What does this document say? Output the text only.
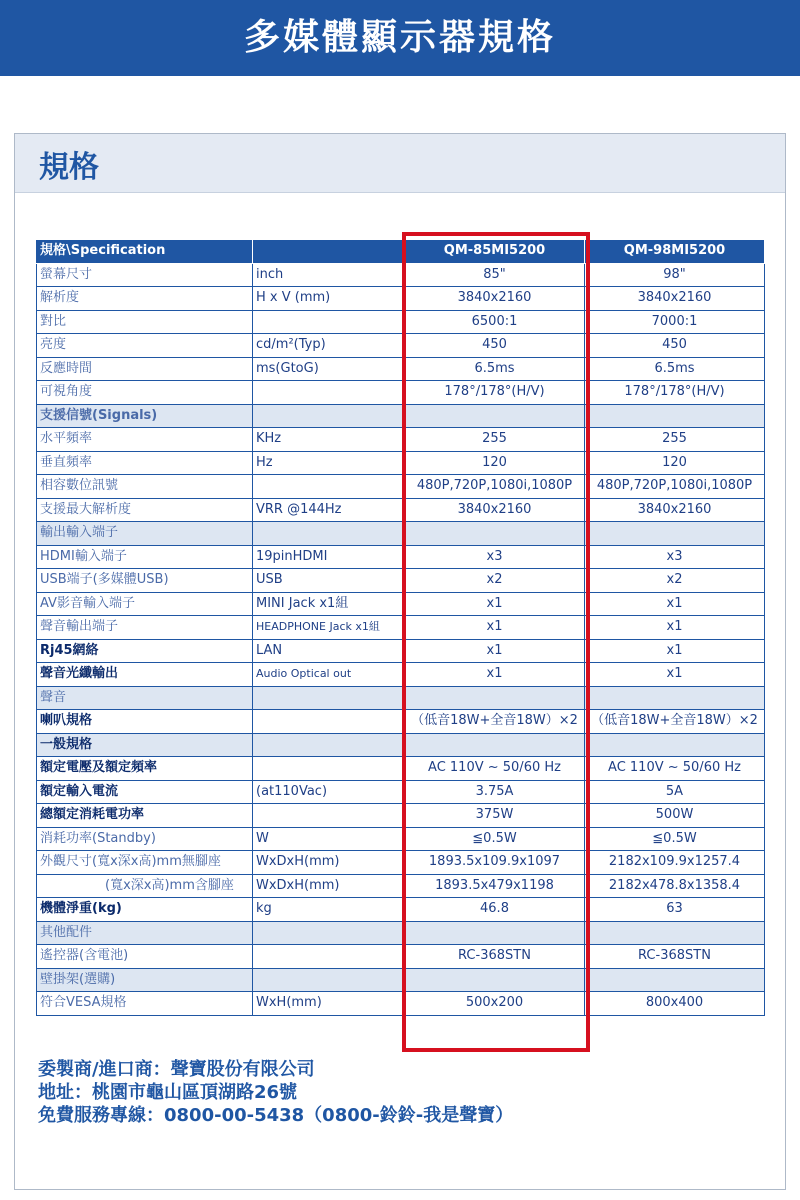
多媒體顯示器規格
規格
規格\Specification		QM-85MI5200	QM-98MI5200
螢幕尺寸	inch	85"	98"
解析度	H x V (mm)	3840x2160	3840x2160
對比		6500:1	7000:1
亮度	cd/m²(Typ)	450	450
反應時間	ms(GtoG)	6.5ms	6.5ms
可視角度		178°/178°(H/V)	178°/178°(H/V)
支援信號(Signals)			
水平頻率	KHz	255	255
垂直頻率	Hz	120	120
相容數位訊號		480P,720P,1080i,1080P	480P,720P,1080i,1080P
支援最大解析度	VRR @144Hz	3840x2160	3840x2160
輸出輸入端子			
HDMI輸入端子	19pinHDMI	x3	x3
USB端子(多媒體USB)	USB	x2	x2
AV影音輸入端子	MINI Jack x1組	x1	x1
聲音輸出端子	HEADPHONE Jack x1組	x1	x1
Rj45網絡	LAN	x1	x1
聲音光纖輸出	Audio Optical out	x1	x1
聲音			
喇叭規格		（低音18W+全音18W）×2	（低音18W+全音18W）×2
一般規格			
額定電壓及額定頻率		AC 110V ~ 50/60 Hz	AC 110V ~ 50/60 Hz
額定輸入電流	(at110Vac)	3.75A	5A
總額定消耗電功率		375W	500W
消耗功率(Standby)	W	≦0.5W	≦0.5W
外觀尺寸(寬x深x高)mm無腳座	WxDxH(mm)	1893.5x109.9x1097	2182x109.9x1257.4
(寬x深x高)mm含腳座	WxDxH(mm)	1893.5x479x1198	2182x478.8x1358.4
機體淨重(kg)	kg	46.8	63
其他配件			
遙控器(含電池)		RC-368STN	RC-368STN
壁掛架(選購)			
符合VESA規格	WxH(mm)	500x200	800x400
委製商/進口商：聲寶股份有限公司
地址：桃園市龜山區頂湖路26號
免費服務專線：0800-00-5438（0800-鈴鈴-我是聲寶）
